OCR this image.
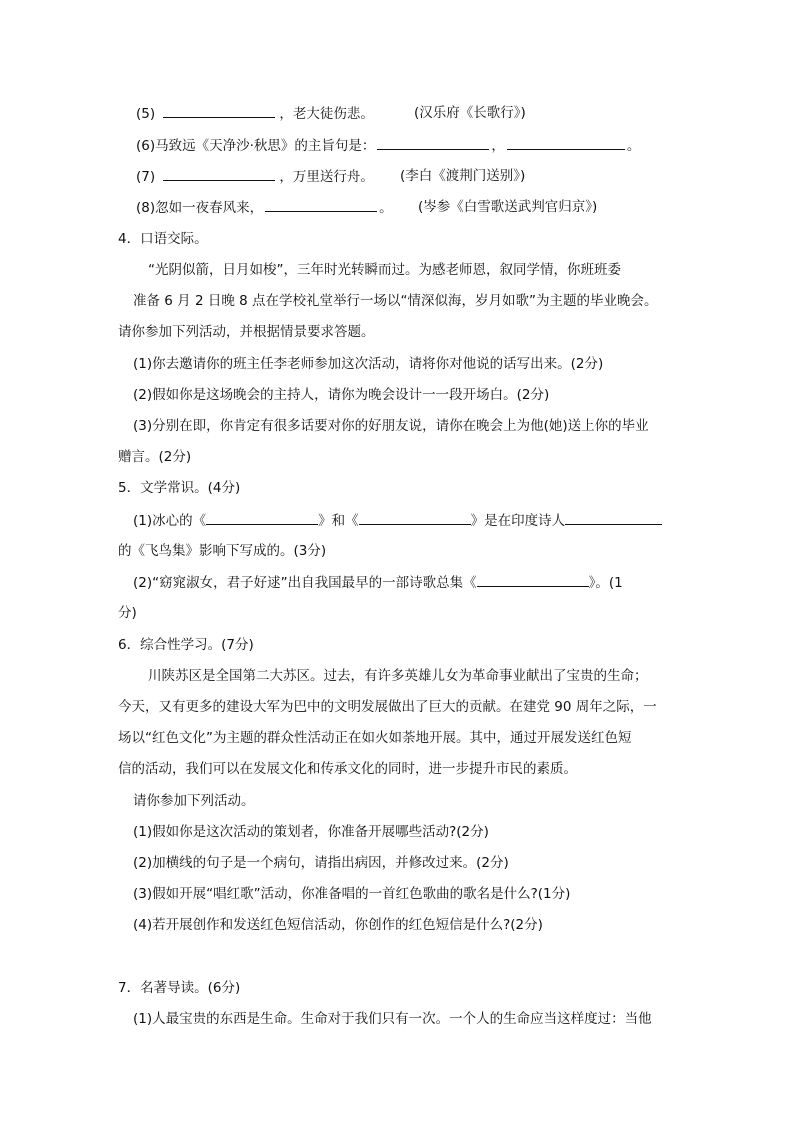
(5)	，老大徒伤悲。	(汉乐府《长歌行》)
(6)马致远《天净沙·秋思》的主旨句是：	，	。
(7)	，万里送行舟。 (李白《渡荆门送别》)
(8)忽如一夜春风来，	。 (岑参《白雪歌送武判官归京》)
4．口语交际。
“光阴似箭，日月如梭”，三年时光转瞬而过。为感老师恩，叙同学情，你班班委
准备 6 月 2 日晚 8 点在学校礼堂举行一场以“情深似海，岁月如歌”为主题的毕业晚会。
请你参加下列活动，并根据情景要求答题。
(1)你去邀请你的班主任李老师参加这次活动，请将你对他说的话写出来。(2分)
(2)假如你是这场晚会的主持人，请你为晚会设计一一段开场白。(2分)
(3)分别在即，你肯定有很多话要对你的好朋友说，请你在晚会上为他(她)送上你的毕业
赠言。(2分)
5．文学常识。(4分)
(1)冰心的《	》和《	》是在印度诗人
的《飞鸟集》影响下写成的。(3分)
(2)“窈窕淑女，君子好逑”出自我国最早的一部诗歌总集《	》。(1
分)
6．综合性学习。(7分)
川陕苏区是全国第二大苏区。过去，有许多英雄儿女为革命事业献出了宝贵的生命；
今天，又有更多的建设大军为巴中的文明发展做出了巨大的贡献。在建党 90 周年之际，一
场以“红色文化”为主题的群众性活动正在如火如荼地开展。其中，通过开展发送红色短
信的活动，我们可以在发展文化和传承文化的同时，进一步提升市民的素质。
请你参加下列活动。
(1)假如你是这次活动的策划者，你准备开展哪些活动?(2分)
(2)加横线的句子是一个病句，请指出病因，并修改过来。(2分)
(3)假如开展“唱红歌”活动，你准备唱的一首红色歌曲的歌名是什么?(1分)
(4)若开展创作和发送红色短信活动，你创作的红色短信是什么?(2分)
7．名著导读。(6分)
(1)人最宝贵的东西是生命。生命对于我们只有一次。一个人的生命应当这样度过：当他
